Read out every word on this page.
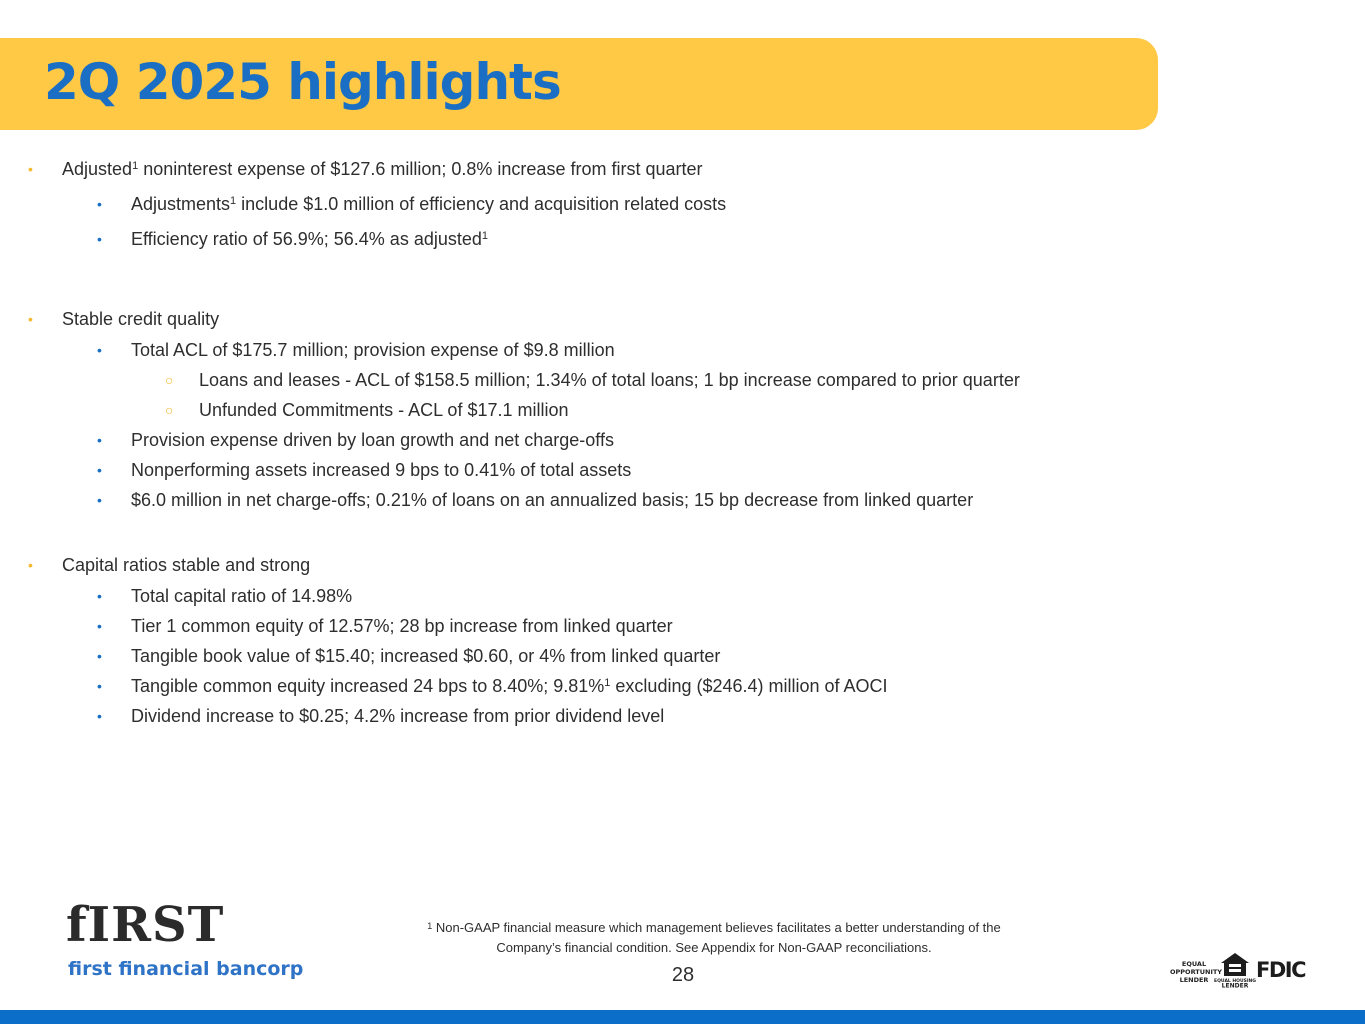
2Q 2025 highlights
• Adjusted$^1$ noninterest expense of $127.6 million; 0.8% increase from first quarter
• Adjustments$^1$ include $1.0 million of efficiency and acquisition related costs
• Efficiency ratio of 56.9%; 56.4% as adjusted$^1$
• Stable credit quality
• Total ACL of $175.7 million; provision expense of $9.8 million
○ Loans and leases - ACL of $158.5 million; 1.34% of total loans; 1 bp increase compared to prior quarter
○ Unfunded Commitments - ACL of $17.1 million
• Provision expense driven by loan growth and net charge-offs
• Nonperforming assets increased 9 bps to 0.41% of total assets
• $6.0 million in net charge-offs; 0.21% of loans on an annualized basis; 15 bp decrease from linked quarter
• Capital ratios stable and strong
• Total capital ratio of 14.98%
• Tier 1 common equity of 12.57%; 28 bp increase from linked quarter
• Tangible book value of $15.40; increased $0.60, or 4% from linked quarter
• Tangible common equity increased 24 bps to 8.40%; 9.81%$^1$ excluding ($246.4) million of AOCI
• Dividend increase to $0.25; 4.2% increase from prior dividend level
fIRST
first financial bancorp
$^1$ Non-GAAP financial measure which management believes facilitates a better understanding of the
Company’s financial condition. See Appendix for Non-GAAP reconciliations.
28	EQUAL
OPPORTUNITY
LENDER	EQUAL HOUSING
LENDER
FDIC
